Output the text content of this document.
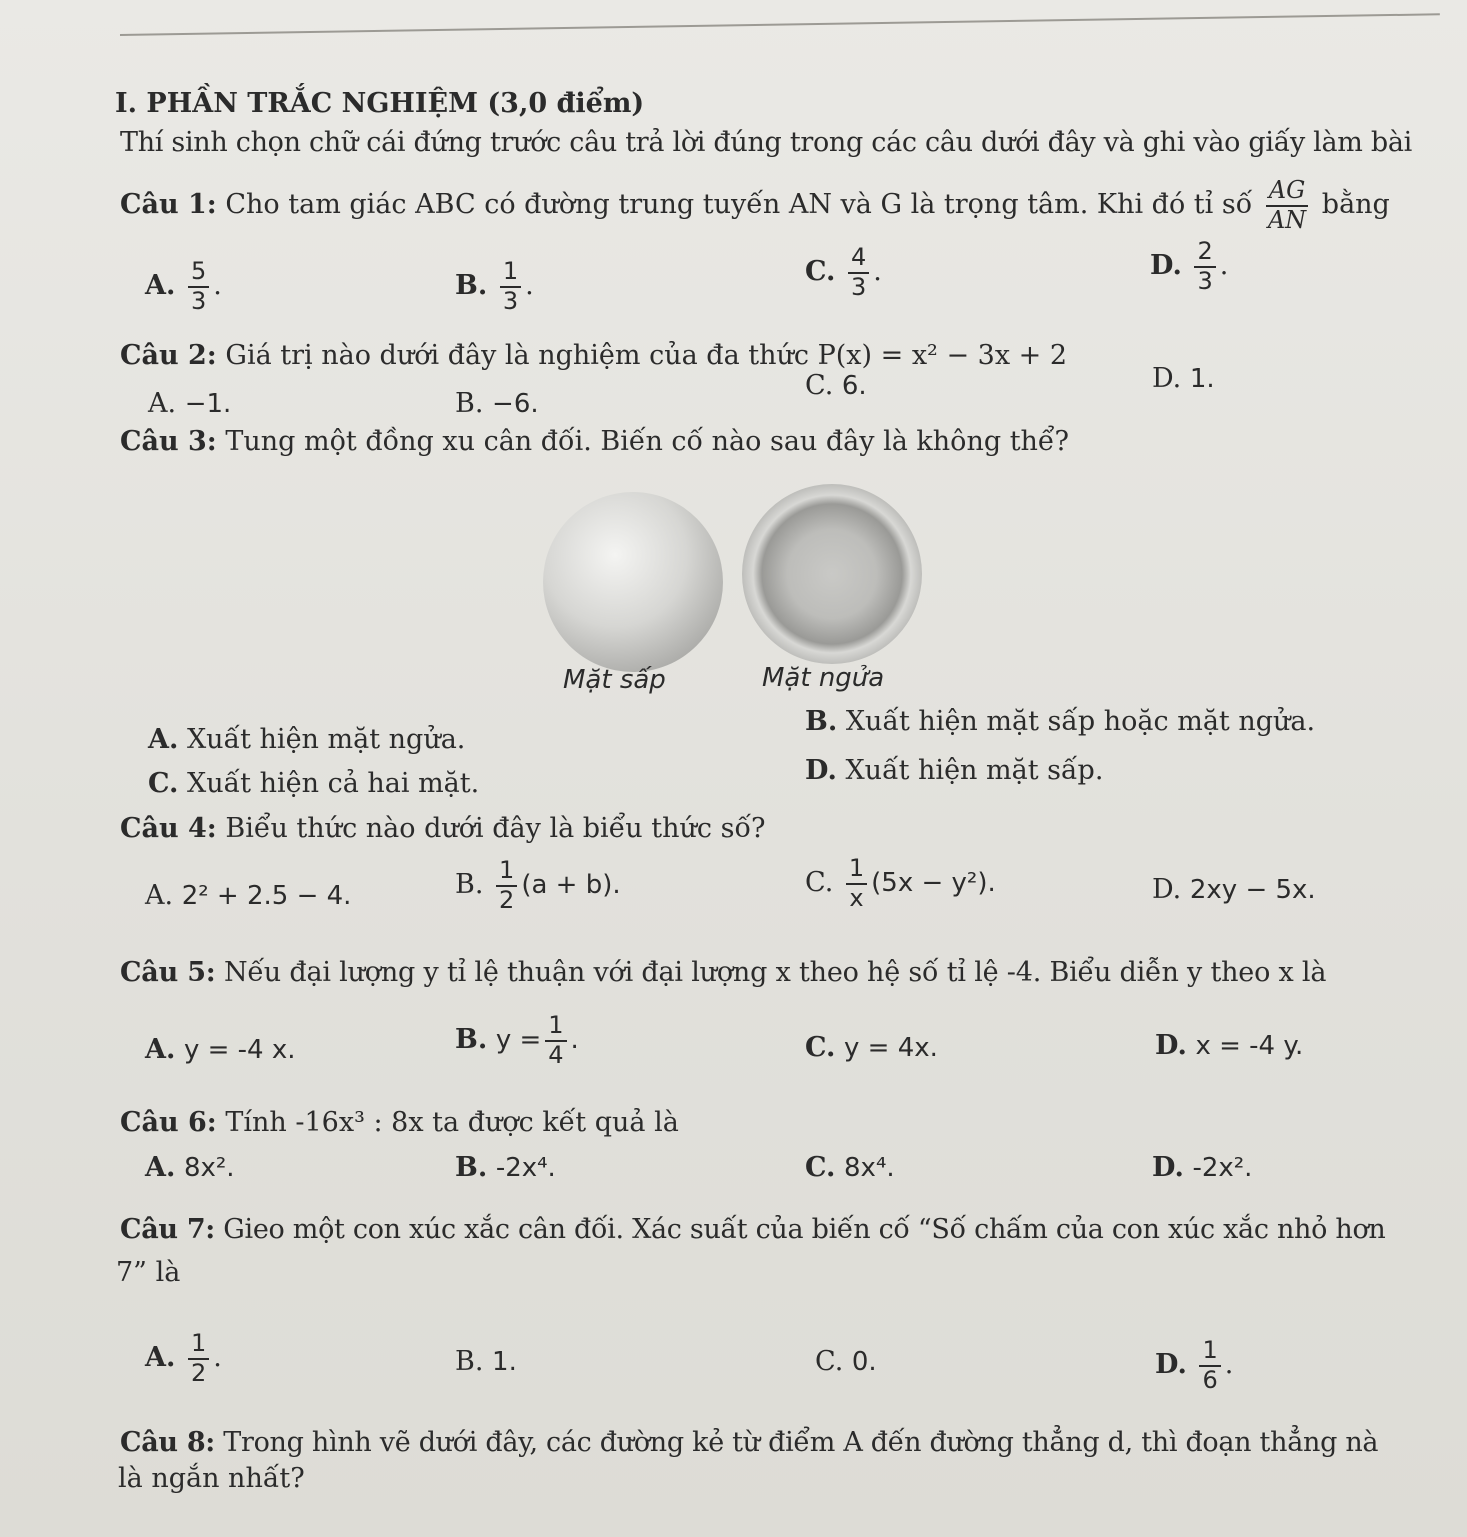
I. PHẦN TRẮC NGHIỆM (3,0 điểm)
Thí sinh chọn chữ cái đứng trước câu trả lời đúng trong các câu dưới đây và ghi vào giấy làm bài
Câu 1: Cho tam giác ABC có đường trung tuyến AN và G là trọng tâm. Khi đó tỉ số $\frac{AG}{AN}$ bằng
A. $\frac{5}{3}$ .	B. $\frac{1}{3}$ .	C. $\frac{4}{3}$ .	D. $\frac{2}{3}$ .
Câu 2: Giá trị nào dưới đây là nghiệm của đa thức P(x) = x² − 3x + 2
A. −1.	B. −6.
C. 6.	D. 1.
Câu 3: Tung một đồng xu cân đối. Biến cố nào sau đây là không thể?
Mặt sấp	Mặt ngửa
A. Xuất hiện mặt ngửa.
B. Xuất hiện mặt sấp hoặc mặt ngửa.
C. Xuất hiện cả hai mặt.	D. Xuất hiện mặt sấp.
Câu 4: Biểu thức nào dưới đây là biểu thức số?
A. 2² + 2.5 − 4.	B. $\frac{1}{2} (a + b)$.	C. $\frac{1}{x} (5x - y^2)$.	D. 2xy − 5x.
Câu 5: Nếu đại lượng y tỉ lệ thuận với đại lượng x theo hệ số tỉ lệ -4. Biểu diễn y theo x là
A. y = -4 x.	B. $y = \frac{1}{4}$ .	C. y = 4x.	D. x = -4 y.
Câu 6: Tính -16x³ : 8x ta được kết quả là
A. 8x².	B. -2x⁴.	C. 8x⁴.	D. -2x².
Câu 7: Gieo một con xúc xắc cân đối. Xác suất của biến cố “Số chấm của con xúc xắc nhỏ hơn
7” là
A. $\frac{1}{2}$ .	B. 1.	C. 0.	D. $\frac{1}{6}$ .
Câu 8: Trong hình vẽ dưới đây, các đường kẻ từ điểm A đến đường thẳng d, thì đoạn thẳng nà
là ngắn nhất?
